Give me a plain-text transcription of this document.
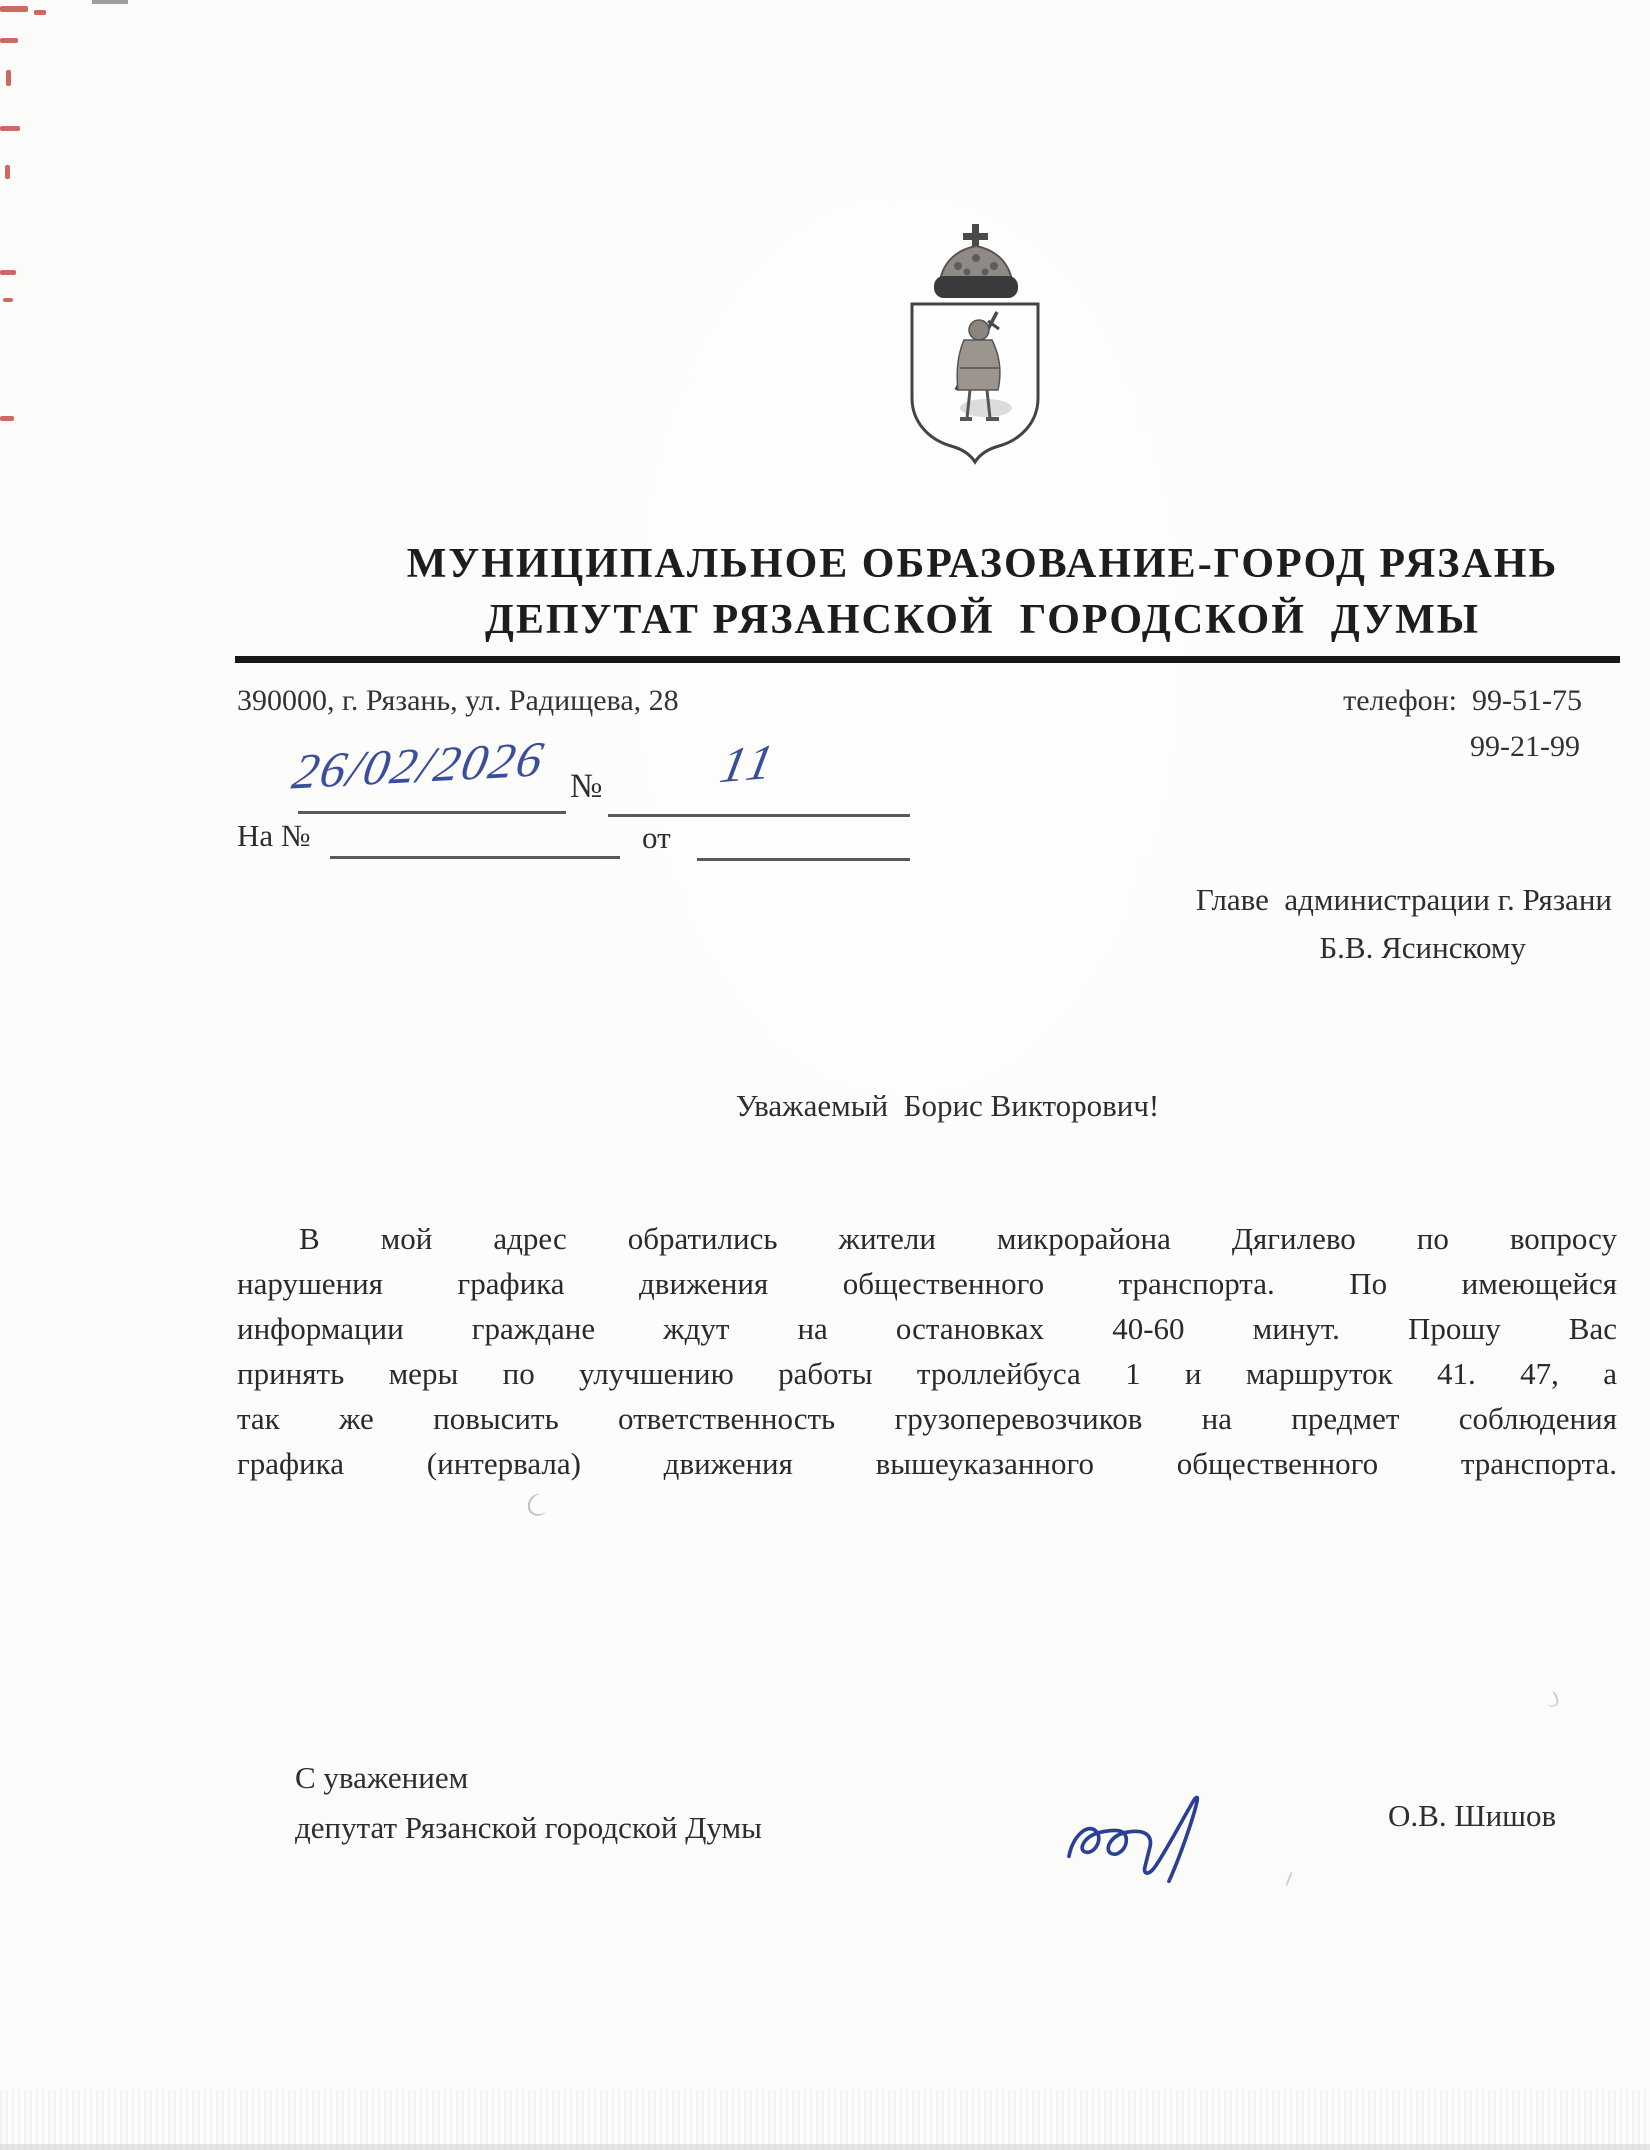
МУНИЦИПАЛЬНОЕ ОБРАЗОВАНИЕ-ГОРОД РЯЗАНЬ
ДЕПУТАТ РЯЗАНСКОЙ  ГОРОДСКОЙ  ДУМЫ
390000, г. Рязань, ул. Радищева, 28	телефон: 99-51-75
99-21-99
26/02/2026 № 11
На №	от
Главе  администрации г. Рязани
Б.В. Ясинскому
Уважаемый  Борис Викторович!
В мой адрес обратились жители микрорайона Дягилево по вопросу
нарушения графика движения общественного транспорта. По имеющейся
информации граждане ждут на остановках 40-60 минут. Прошу Вас
принять меры по улучшению работы троллейбуса 1 и маршруток 41. 47, а
так же повысить ответственность грузоперевозчиков на предмет соблюдения
графика (интервала) движения вышеуказанного общественного транспорта.
С уважением
депутат Рязанской городской Думы	О.В. Шишов
